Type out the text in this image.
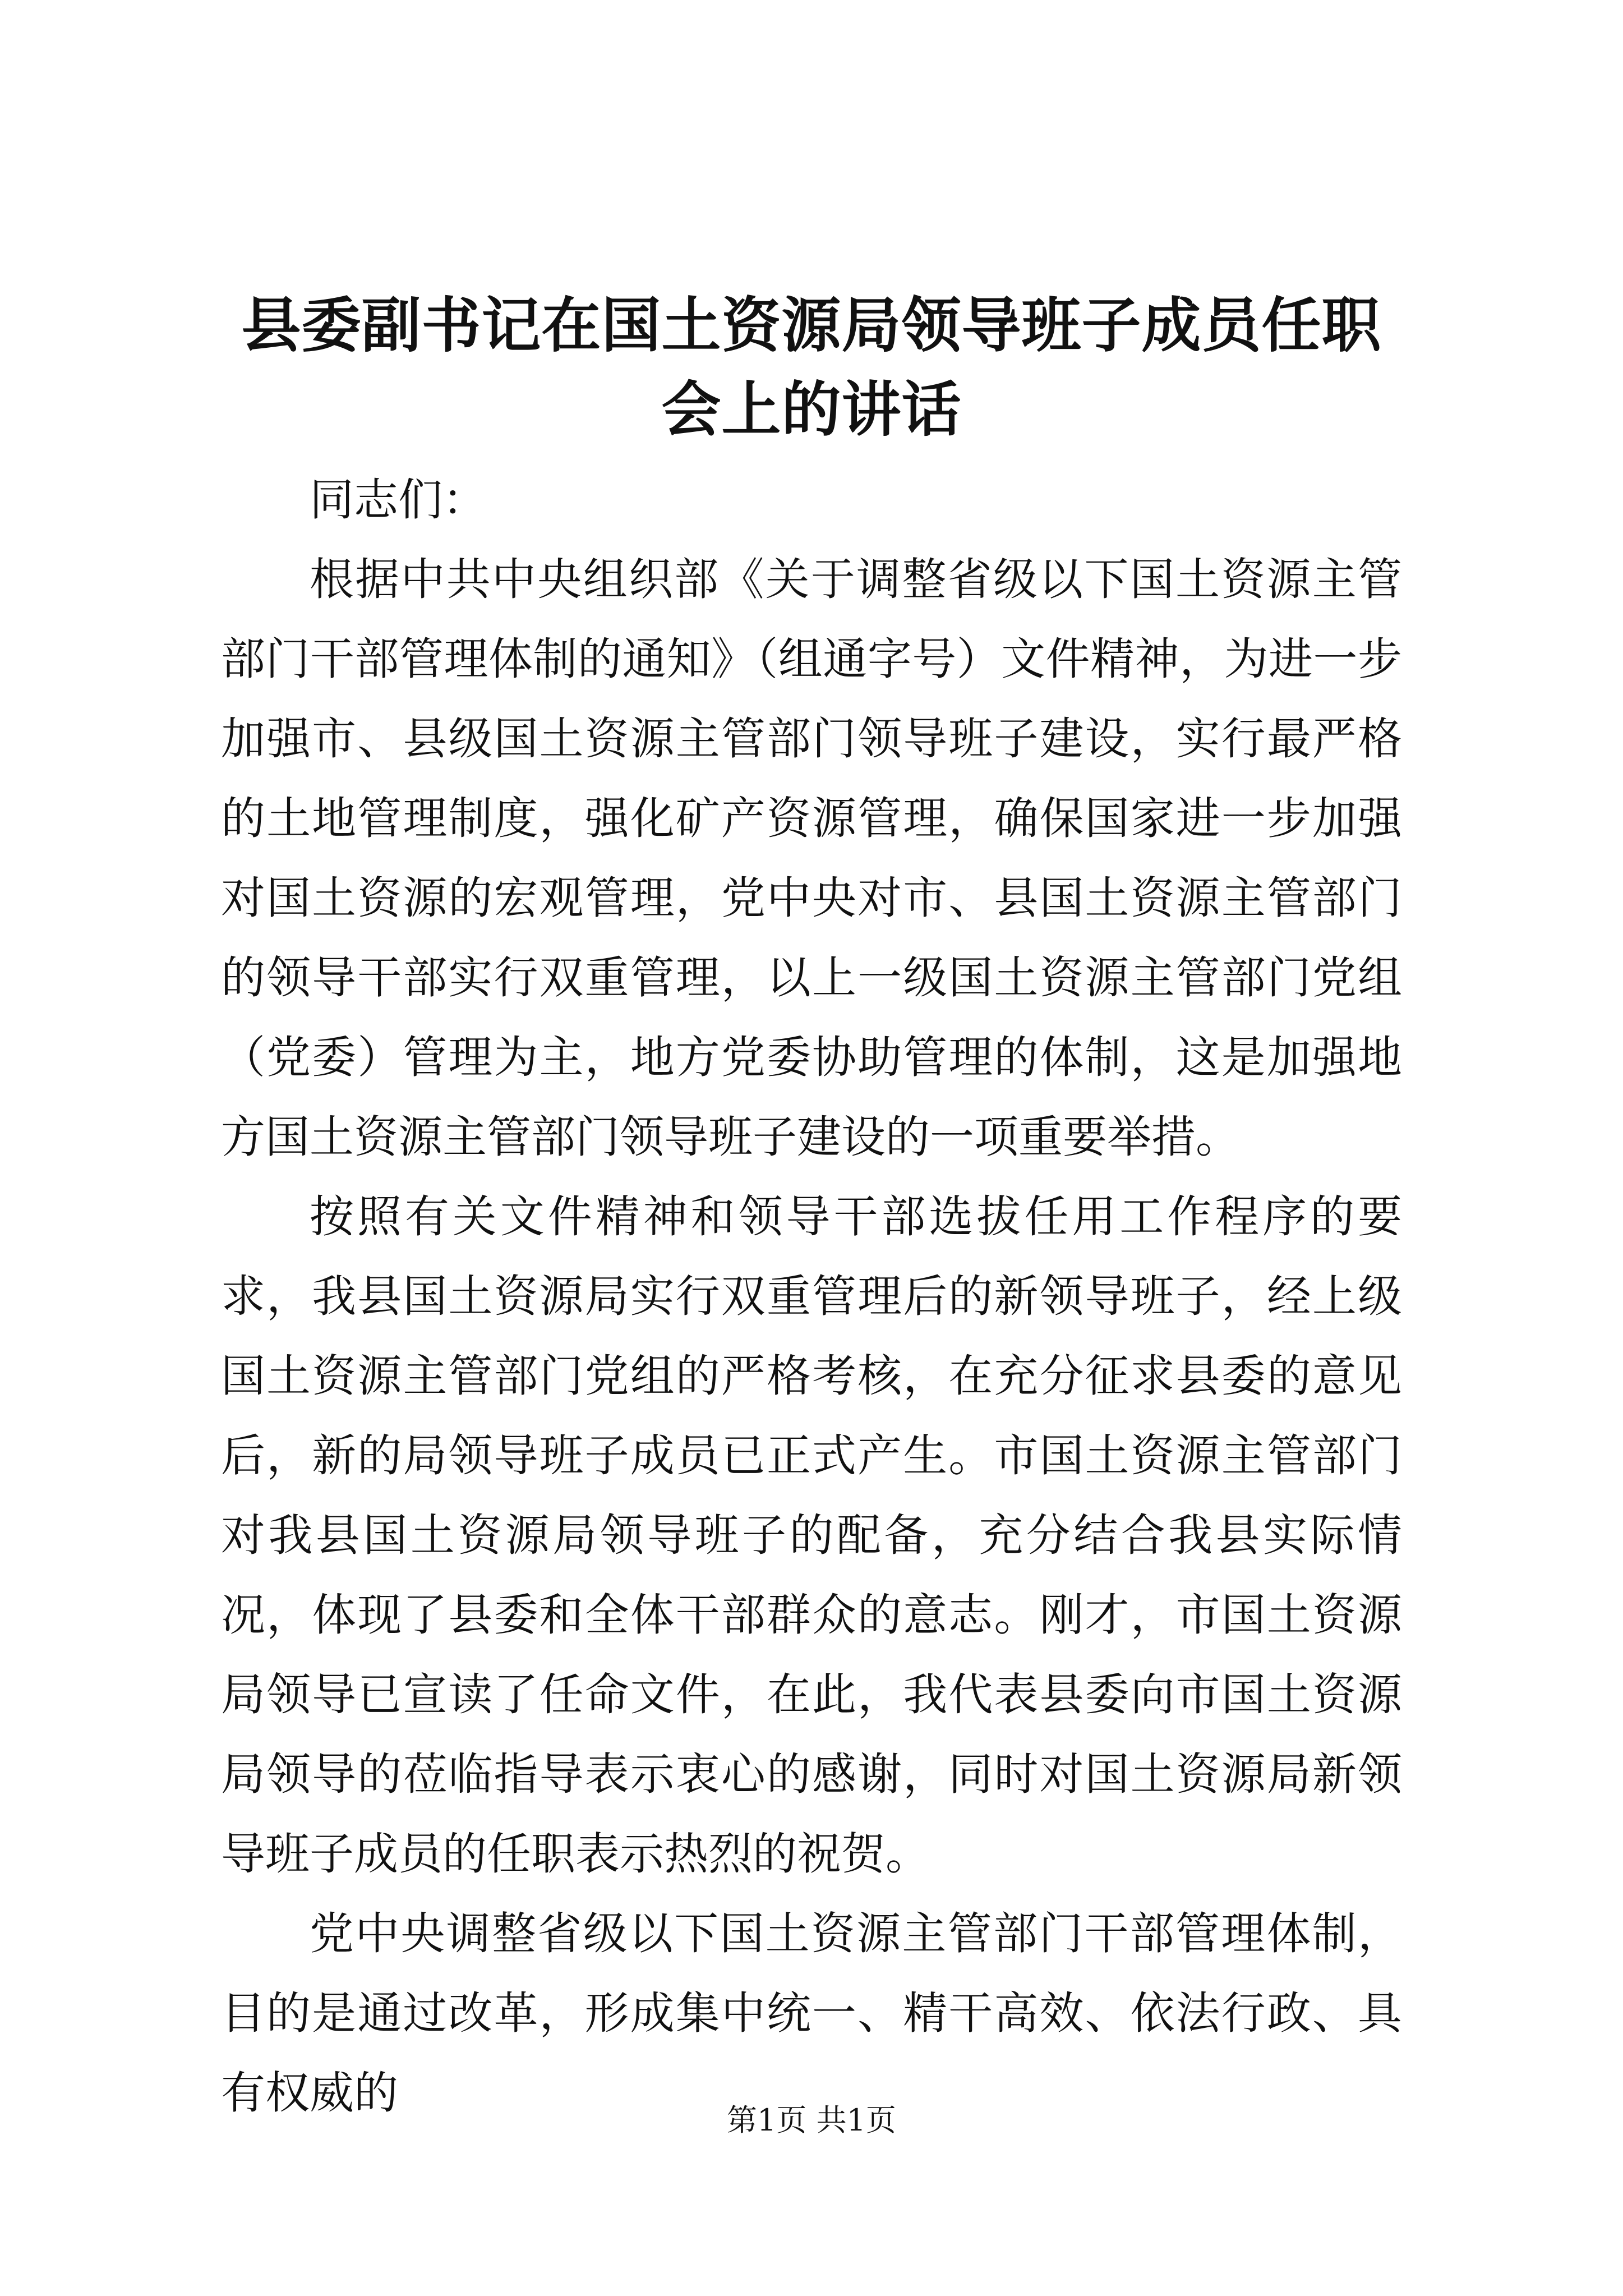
县委副书记在国土资源局领导班子成员任职会上的讲话

同志们：

根据中共中央组织部《关于调整省级以下国土资源主管部门干部管理体制的通知》（组通字号）文件精神，为进一步加强市、县级国土资源主管部门领导班子建设，实行最严格的土地管理制度，强化矿产资源管理，确保国家进一步加强对国土资源的宏观管理，党中央对市、县国土资源主管部门的领导干部实行双重管理，以上一级国土资源主管部门党组（党委）管理为主，地方党委协助管理的体制，这是加强地方国土资源主管部门领导班子建设的一项重要举措。

按照有关文件精神和领导干部选拔任用工作程序的要求，我县国土资源局实行双重管理后的新领导班子，经上级国土资源主管部门党组的严格考核，在充分征求县委的意见后，新的局领导班子成员已正式产生。市国土资源主管部门对我县国土资源局领导班子的配备，充分结合我县实际情况，体现了县委和全体干部群众的意志。刚才，市国土资源局领导已宣读了任命文件，在此，我代表县委向市国土资源局领导的莅临指导表示衷心的感谢，同时对国土资源局新领导班子成员的任职表示热烈的祝贺。

党中央调整省级以下国土资源主管部门干部管理体制，目的是通过改革，形成集中统一、精干高效、依法行政、具有权威的

第1页 共1页
